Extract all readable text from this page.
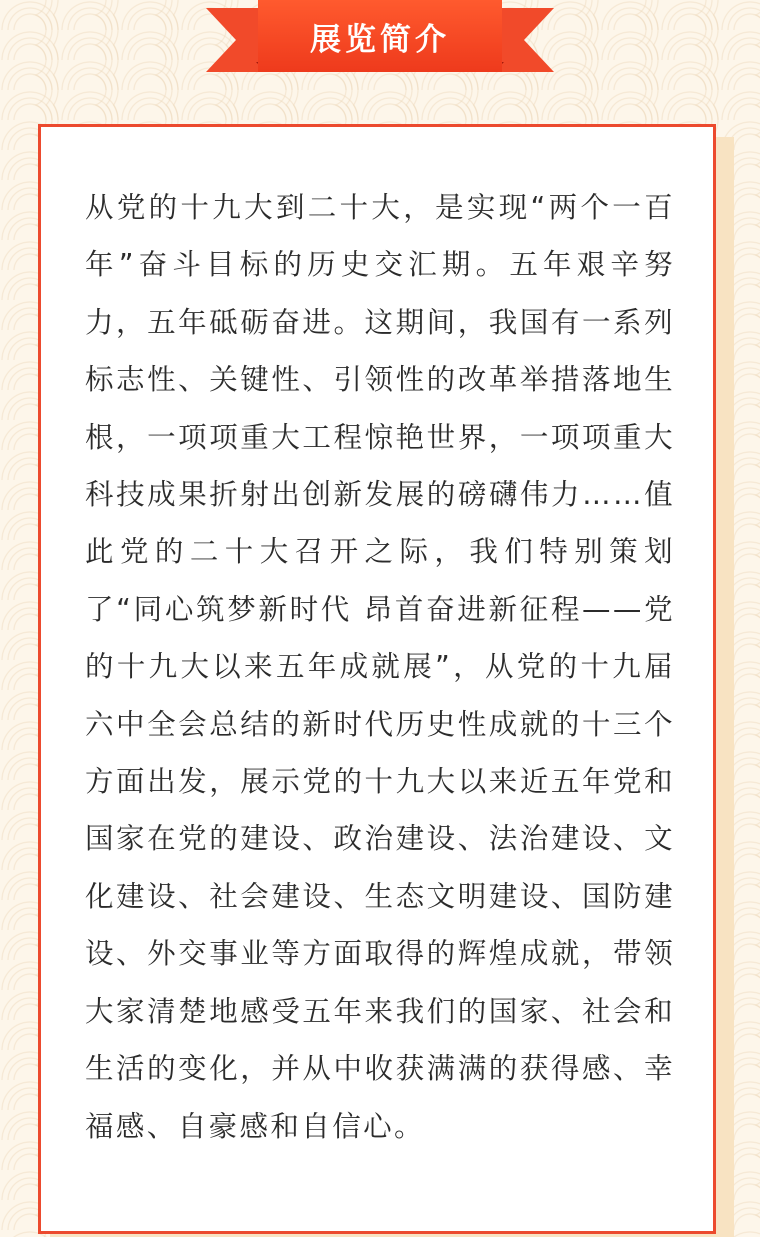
展览简介

从党的十九大到二十大，是实现“两个一百年”奋斗目标的历史交汇期。五年艰辛努力，五年砥砺奋进。这期间，我国有一系列标志性、关键性、引领性的改革举措落地生根，一项项重大工程惊艳世界，一项项重大科技成果折射出创新发展的磅礴伟力……值此党的二十大召开之际，我们特别策划了“同心筑梦新时代 昂首奋进新征程——党的十九大以来五年成就展”，从党的十九届六中全会总结的新时代历史性成就的十三个方面出发，展示党的十九大以来近五年党和国家在党的建设、政治建设、法治建设、文化建设、社会建设、生态文明建设、国防建设、外交事业等方面取得的辉煌成就，带领大家清楚地感受五年来我们的国家、社会和生活的变化，并从中收获满满的获得感、幸福感、自豪感和自信心。
